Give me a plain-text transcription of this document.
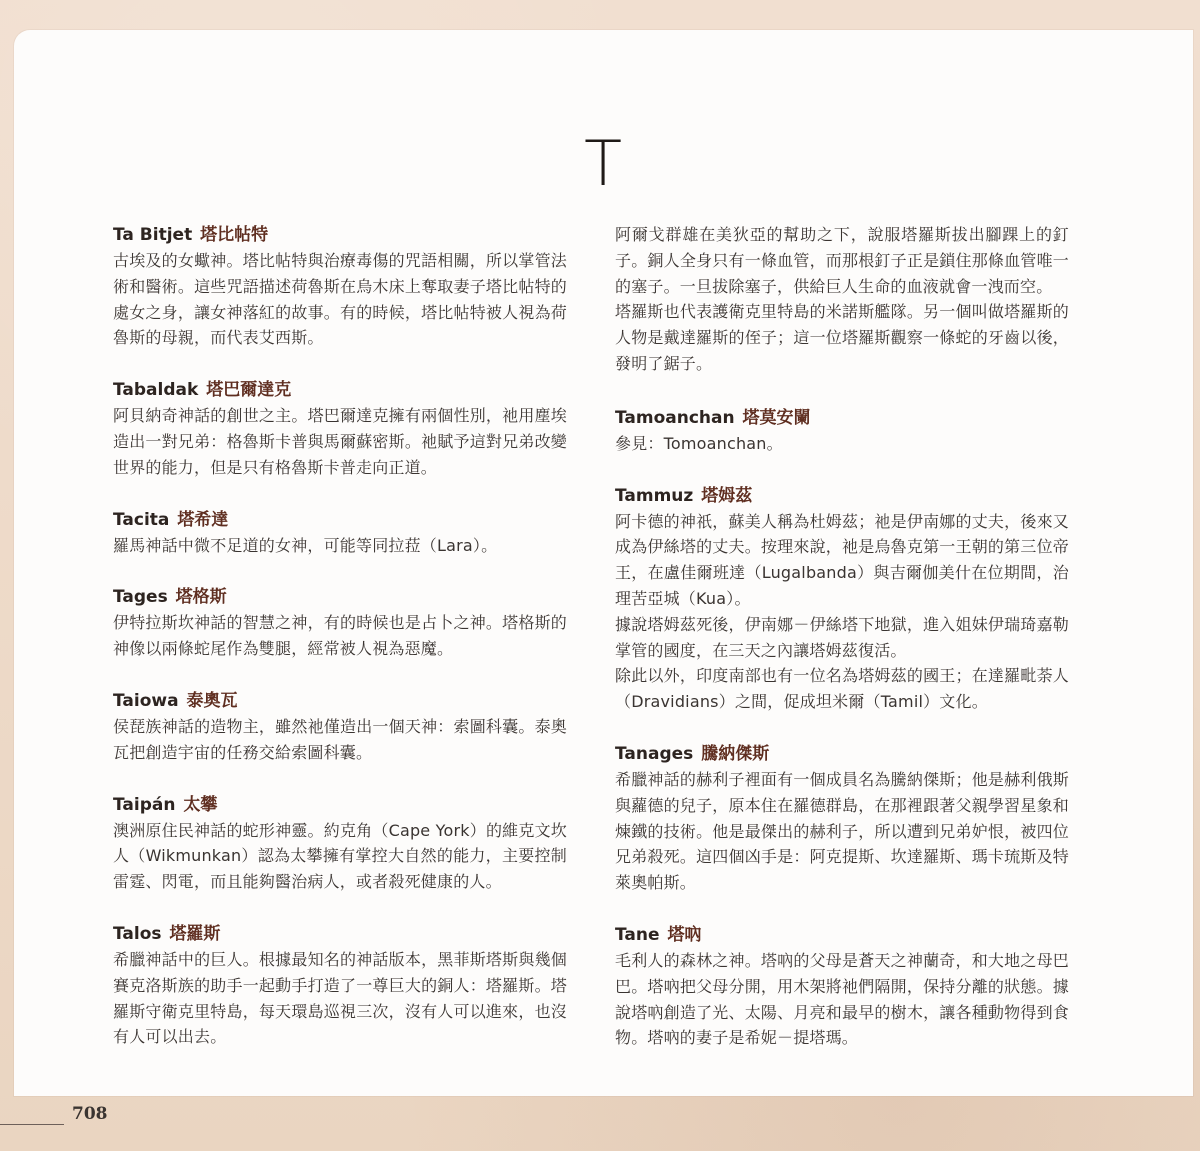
T
Ta Bitjet 塔比帖特

古埃及的女蠍神。塔比帖特與治療毒傷的咒語相關，所以掌管法術和醫術。這些咒語描述荷魯斯在烏木床上奪取妻子塔比帖特的處女之身，讓女神落紅的故事。有的時候，塔比帖特被人視為荷魯斯的母親，而代表艾西斯。

Tabaldak 塔巴爾達克

阿貝納奇神話的創世之主。塔巴爾達克擁有兩個性別，祂用塵埃造出一對兄弟：格魯斯卡普與馬爾蘇密斯。祂賦予這對兄弟改變世界的能力，但是只有格魯斯卡普走向正道。

Tacita 塔希達

羅馬神話中微不足道的女神，可能等同拉菈（Lara）。

Tages 塔格斯

伊特拉斯坎神話的智慧之神，有的時候也是占卜之神。塔格斯的神像以兩條蛇尾作為雙腿，經常被人視為惡魔。

Taiowa 泰奧瓦

侯琵族神話的造物主，雖然祂僅造出一個天神：索圖科囊。泰奧瓦把創造宇宙的任務交給索圖科囊。

Taipán 太攀

澳洲原住民神話的蛇形神靈。約克角（Cape York）的維克文坎人（Wikmunkan）認為太攀擁有掌控大自然的能力，主要控制雷霆、閃電，而且能夠醫治病人，或者殺死健康的人。

Talos 塔羅斯

希臘神話中的巨人。根據最知名的神話版本，黑菲斯塔斯與幾個賽克洛斯族的助手一起動手打造了一尊巨大的銅人：塔羅斯。塔羅斯守衛克里特島，每天環島巡視三次，沒有人可以進來，也沒有人可以出去。

阿爾戈群雄在美狄亞的幫助之下，說服塔羅斯拔出腳踝上的釘子。銅人全身只有一條血管，而那根釘子正是鎖住那條血管唯一的塞子。一旦拔除塞子，供給巨人生命的血液就會一洩而空。

塔羅斯也代表護衛克里特島的米諾斯艦隊。另一個叫做塔羅斯的人物是戴達羅斯的侄子；這一位塔羅斯觀察一條蛇的牙齒以後，發明了鋸子。

Tamoanchan 塔莫安闌

參見：Tomoanchan。

Tammuz 塔姆茲

阿卡德的神祇，蘇美人稱為杜姆茲；祂是伊南娜的丈夫，後來又成為伊絲塔的丈夫。按理來說，祂是烏魯克第一王朝的第三位帝王，在盧佳爾班達（Lugalbanda）與吉爾伽美什在位期間，治理苦亞城（Kua）。

據說塔姆茲死後，伊南娜－伊絲塔下地獄，進入姐妹伊瑞琦嘉勒掌管的國度，在三天之內讓塔姆茲復活。

除此以外，印度南部也有一位名為塔姆茲的國王；在達羅毗荼人（Dravidians）之間，促成坦米爾（Tamil）文化。

Tanages 騰納傑斯

希臘神話的赫利子裡面有一個成員名為騰納傑斯；他是赫利俄斯與蘿德的兒子，原本住在羅德群島，在那裡跟著父親學習星象和煉鐵的技術。他是最傑出的赫利子，所以遭到兄弟妒恨，被四位兄弟殺死。這四個凶手是：阿克提斯、坎達羅斯、瑪卡琉斯及特萊奧帕斯。

Tane 塔吶

毛利人的森林之神。塔吶的父母是蒼天之神蘭奇，和大地之母巴巴。塔吶把父母分開，用木架將祂們隔開，保持分離的狀態。據說塔吶創造了光、太陽、月亮和最早的樹木，讓各種動物得到食物。塔吶的妻子是希妮－提塔瑪。

708
